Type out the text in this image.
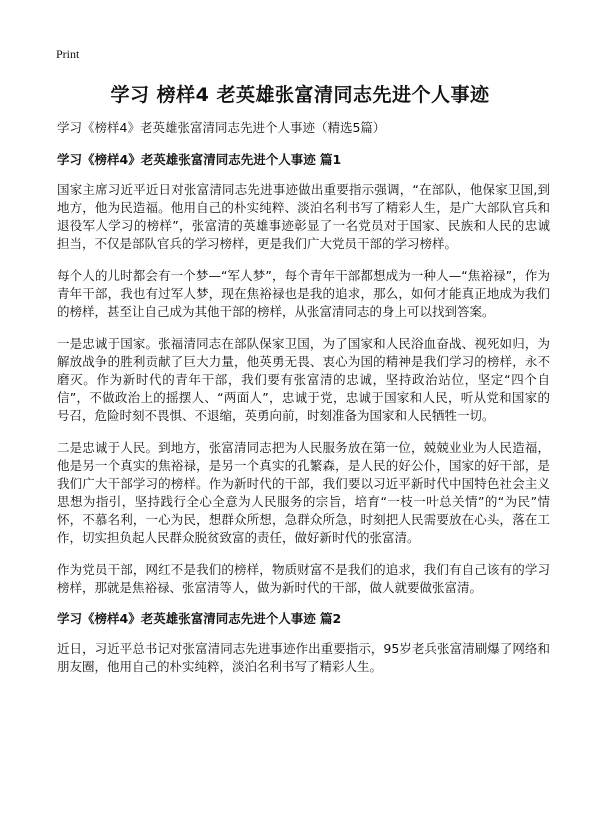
Print
学习 榜样4 老英雄张富清同志先进个人事迹

学习《榜样4》老英雄张富清同志先进个人事迹（精选5篇）

学习《榜样4》老英雄张富清同志先进个人事迹 篇1

国家主席习近平近日对张富清同志先进事迹做出重要指示强调，“在部队，他保家卫国,到地方，他为民造福。他用自己的朴实纯粹、淡泊名利书写了精彩人生，是广大部队官兵和退役军人学习的榜样”，张富清的英雄事迹彰显了一名党员对于国家、民族和人民的忠诚担当，不仅是部队官兵的学习榜样，更是我们广大党员干部的学习榜样。

每个人的儿时都会有一个梦—“军人梦”，每个青年干部都想成为一种人—“焦裕禄”，作为青年干部，我也有过军人梦，现在焦裕禄也是我的追求，那么，如何才能真正地成为我们的榜样，甚至让自己成为其他干部的榜样，从张富清同志的身上可以找到答案。

一是忠诚于国家。张福清同志在部队保家卫国，为了国家和人民浴血奋战、视死如归，为解放战争的胜利贡献了巨大力量，他英勇无畏、衷心为国的精神是我们学习的榜样，永不磨灭。作为新时代的青年干部，我们要有张富清的忠诚，坚持政治站位，坚定“四个自信”，不做政治上的摇摆人、“两面人”，忠诚于党，忠诚于国家和人民，听从党和国家的号召，危险时刻不畏惧、不退缩，英勇向前，时刻准备为国家和人民牺牲一切。

二是忠诚于人民。到地方，张富清同志把为人民服务放在第一位，兢兢业业为人民造福，他是另一个真实的焦裕禄，是另一个真实的孔繁森，是人民的好公仆，国家的好干部，是我们广大干部学习的榜样。作为新时代的干部，我们要以习近平新时代中国特色社会主义思想为指引，坚持践行全心全意为人民服务的宗旨，培育“一枝一叶总关情”的“为民”情怀，不慕名利，一心为民，想群众所想，急群众所急，时刻把人民需要放在心头，落在工作，切实担负起人民群众脱贫致富的责任，做好新时代的张富清。

作为党员干部，网红不是我们的榜样，物质财富不是我们的追求，我们有自己该有的学习榜样，那就是焦裕禄、张富清等人，做为新时代的干部，做人就要做张富清。

学习《榜样4》老英雄张富清同志先进个人事迹 篇2

近日，习近平总书记对张富清同志先进事迹作出重要指示，95岁老兵张富清刷爆了网络和朋友圈，他用自己的朴实纯粹，淡泊名利书写了精彩人生。
